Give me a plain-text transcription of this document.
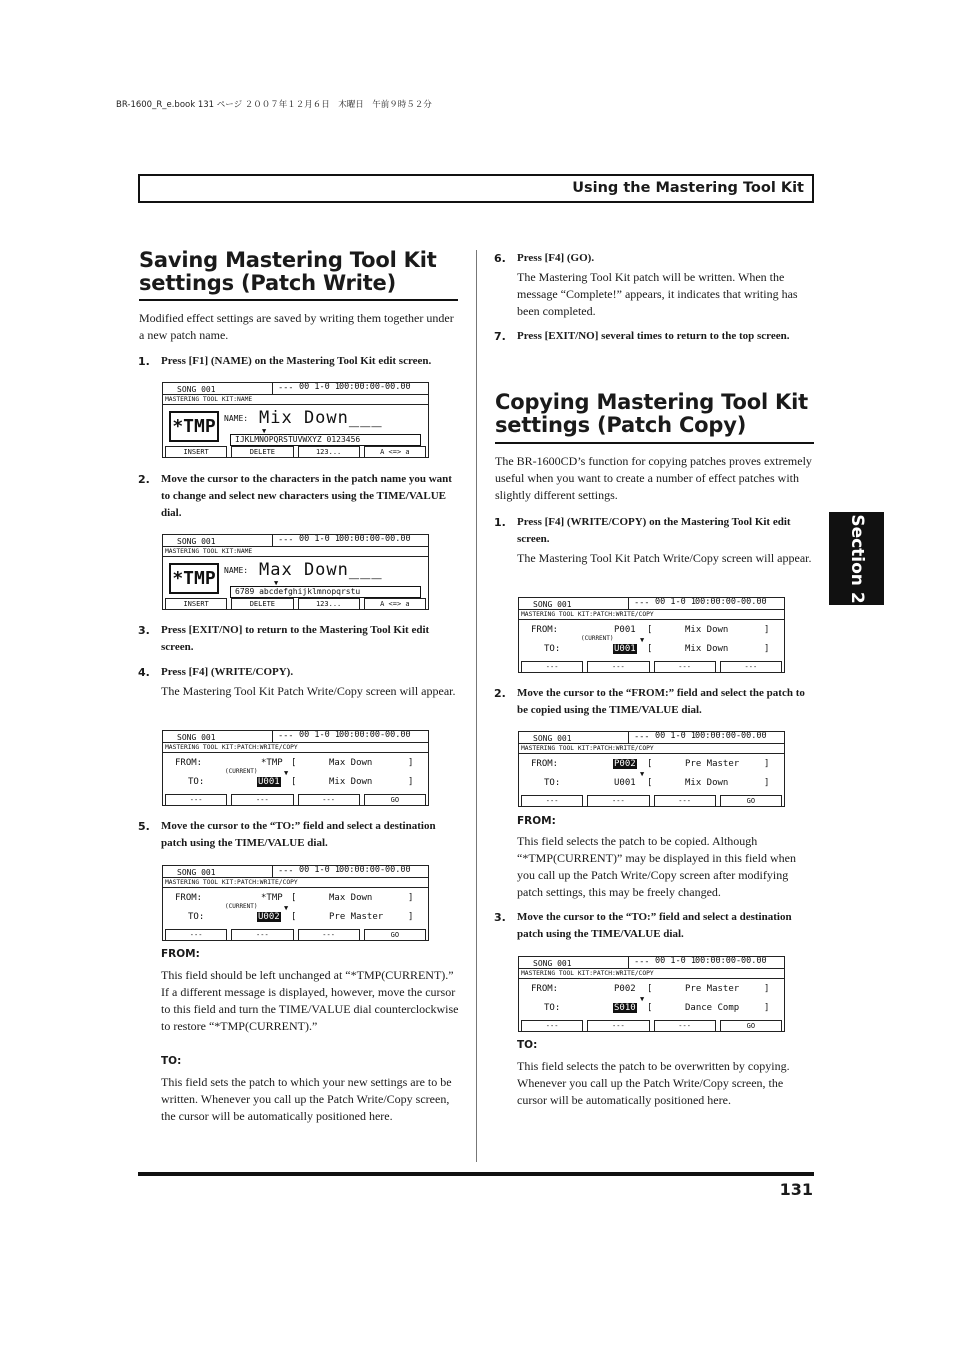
BR-1600_R_e.book 131 ページ ２００７年１２月６日　木曜日　午前９時５２分
Using the Mastering Tool Kit
Section 2
131
Saving Mastering Tool Kit settings (Patch Write)

Modified effect settings are saved by writing them together under a new patch name.

1. Press [F1] (NAME) on the Mastering Tool Kit edit screen.
SONG 001	--- 00 1-0 1 00:00:00-00.00
MASTERING TOOL KIT:NAME
*TMP	NAME: Mix Down___
▼
IJKLMNOPQRSTUVWXYZ 0123456
INSERT	DELETE	123...	A <=> a
2. Move the cursor to the characters in the patch name you want to change and select new characters using the TIME/VALUE dial.
SONG 001	--- 00 1-0 1 00:00:00-00.00
MASTERING TOOL KIT:NAME
*TMP	NAME: Max Down___
▼
6789 abcdefghijklmnopqrstu
INSERT	DELETE	123...	A <=> a
3. Press [EXIT/NO] to return to the Mastering Tool Kit edit screen.
4. Press [F4] (WRITE/COPY).

The Mastering Tool Kit Patch Write/Copy screen will appear.

SONG 001	--- 00 1-0 1 00:00:00-00.00
MASTERING TOOL KIT:PATCH:WRITE/COPY
FROM:	*TMP [	Max Down	]
(CURRENT)	▼
TO:	U001 [	Mix Down	]
---	---	---	GO
5. Move the cursor to the “TO:” field and select a destination patch using the TIME/VALUE dial.
SONG 001	--- 00 1-0 1 00:00:00-00.00
MASTERING TOOL KIT:PATCH:WRITE/COPY
FROM:	*TMP [	Max Down	]
(CURRENT)	▼
TO:	U002 [	Pre Master	]
---	---	---	GO
FROM:

This field should be left unchanged at “*TMP(CURRENT).” If a different message is displayed, however, move the cursor to this field and turn the TIME/VALUE dial counterclockwise to restore “*TMP(CURRENT).”

TO:

This field sets the patch to which your new settings are to be written. Whenever you call up the Patch Write/Copy screen, the cursor will be automatically positioned here.

6. Press [F4] (GO).

The Mastering Tool Kit patch will be written. When the message “Complete!” appears, it indicates that writing has been completed.

7. Press [EXIT/NO] several times to return to the top screen.
Copying Mastering Tool Kit settings (Patch Copy)

The BR-1600CD’s function for copying patches proves extremely useful when you want to create a number of effect patches with slightly different settings.

1. Press [F4] (WRITE/COPY) on the Mastering Tool Kit edit screen.

The Mastering Tool Kit Patch Write/Copy screen will appear.

SONG 001	--- 00 1-0 1 00:00:00-00.00
MASTERING TOOL KIT:PATCH:WRITE/COPY
FROM:	P001 [	Mix Down	]
(CURRENT)	▼
TO:	U001 [	Mix Down	]
---	---	---	---
2. Move the cursor to the “FROM:” field and select the patch to be copied using the TIME/VALUE dial.
SONG 001	--- 00 1-0 1 00:00:00-00.00
MASTERING TOOL KIT:PATCH:WRITE/COPY
FROM:	P002 [	Pre Master	]
▼
TO:	U001 [	Mix Down	]
---	---	---	GO
FROM:

This field selects the patch to be copied. Although “*TMP(CURRENT)” may be displayed in this field when you call up the Patch Write/Copy screen after modifying patch settings, this may be freely changed.

3. Move the cursor to the “TO:” field and select a destination patch using the TIME/VALUE dial.
SONG 001	--- 00 1-0 1 00:00:00-00.00
MASTERING TOOL KIT:PATCH:WRITE/COPY
FROM:	P002 [	Pre Master	]
▼
TO:	S010 [	Dance Comp	]
---	---	---	GO
TO:

This field selects the patch to be overwritten by copying. Whenever you call up the Patch Write/Copy screen, the cursor will be automatically positioned here.
